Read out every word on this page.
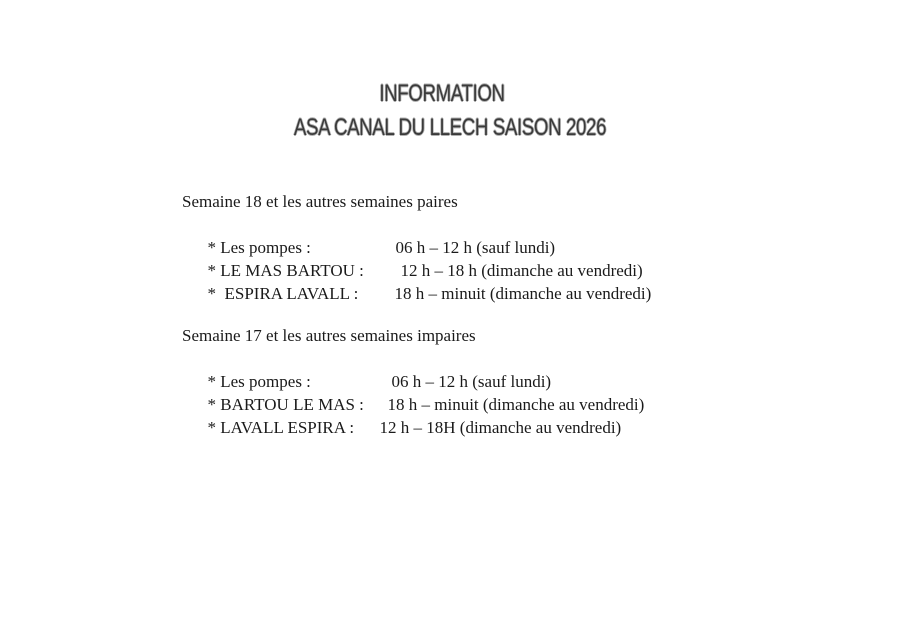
INFORMATION
ASA CANAL DU LLECH SAISON 2026
Semaine 18 et les autres semaines paires

* Les pompes :	06 h – 12 h (sauf lundi)

* LE MAS BARTOU : 12 h – 18 h (dimanche au vendredi)

*  ESPIRA LAVALL : 18 h – minuit (dimanche au vendredi)

Semaine 17 et les autres semaines impaires

* Les pompes :	06 h – 12 h (sauf lundi)

* BARTOU LE MAS : 18 h – minuit (dimanche au vendredi)

* LAVALL ESPIRA : 12 h – 18H (dimanche au vendredi)
